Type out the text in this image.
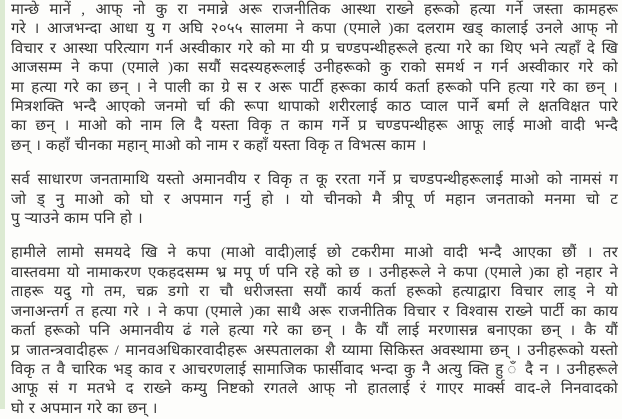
मान्छे मानें , आफ् नो कु रा नमान्ने अरू राजनीतिक आस्था राख्ने हरूको हत्या गर्ने जस्ता कामहरू
गरे । आजभन्दा आधा यु ग अघि २०५५ सालमा ने कपा (एमाले )का दलराम खड् कालाई उनले आफ् नो
विचार र आस्था परित्याग गर्न अस्वीकार गरे को मा यी प्र चण्डपन्थीहरूले हत्या गरे का थिए भने त्यहाँ दे खि
आजसम्म ने कपा (एमाले )का सयौं सदस्यहरूलाई उनीहरूको कु राको समर्थ न गर्न अस्वीकार गरे को
मा हत्या गरे का छन् । ने पाली का ग्रे स र अरू पार्टी हरूका कार्य कर्ता हरूको पनि हत्या गरे का छन् ।
मित्रशक्ति भन्दै आएको जनमो र्चा की रूपा थापाको शरीरलाई काठ प्वाल पार्ने बर्मा ले क्षतविक्षत पारे
का छन् । माओ को नाम लि दै यस्ता विकृ त काम गर्ने प्र चण्डपन्थीहरू आफू लाई माओ वादी भन्दै
छन् । कहाँ चीनका महान् माओ को नाम र कहाँ यस्ता विकृ त विभत्स काम ।
सर्व साधारण जनतामाथि यस्तो अमानवीय र विकृ त कू ररता गर्ने प्र चण्डपन्थीहरूलाई माओ को नामसं ग
जो ड् नु माओ को घो र अपमान गर्नु हो । यो चीनको मै त्रीपू र्ण महान जनताको मनमा चो ट
पु ऱ्याउने काम पनि हो ।
हामीले लामो समयदे खि ने कपा (माओ वादी)लाई छो टकरीमा माओ वादी भन्दै आएका छौं । तर
वास्तवमा यो नामाकरण एकहदसम्म भ्र मपू र्ण पनि रहे को छ । उनीहरूले ने कपा (एमाले )का हो नहार ने
ताहरू यदु गो तम, चक्र डगो रा चौ धरीजस्ता सयौं कार्य कर्ता हरूको हत्याद्वारा विचार लाड् ने यो
जनाअन्तर्ग त हत्या गरे । ने कपा (एमाले )का साथै अरू राजनीतिक विचार र विश्वास राख्ने पार्टी का काय
कर्ता हरूको पनि अमानवीय ढं गले हत्या गरे का छन् । कै यौं लाई मरणासन्न बनाएका छन् । कै यौं
प्र जातन्त्रवादीहरू / मानवअधिकारवादीहरू अस्पतालका शै य्यामा सिकिस्त अवस्थामा छन् । उनीहरूको यस्तो
विकृ त वै चारिक भड् काव र आचरणलाई सामाजिक फार्सीवाद भन्दा कु नै अत्यु क्ति हु ँ दै न । उनीहरूले
आफू सं ग मतभे द राख्ने कम्यु निष्टको रगतले आफ् नो हातलाई रं गाएर मार्क्स वाद-ले निनवादको
घो र अपमान गरे का छन् ।
